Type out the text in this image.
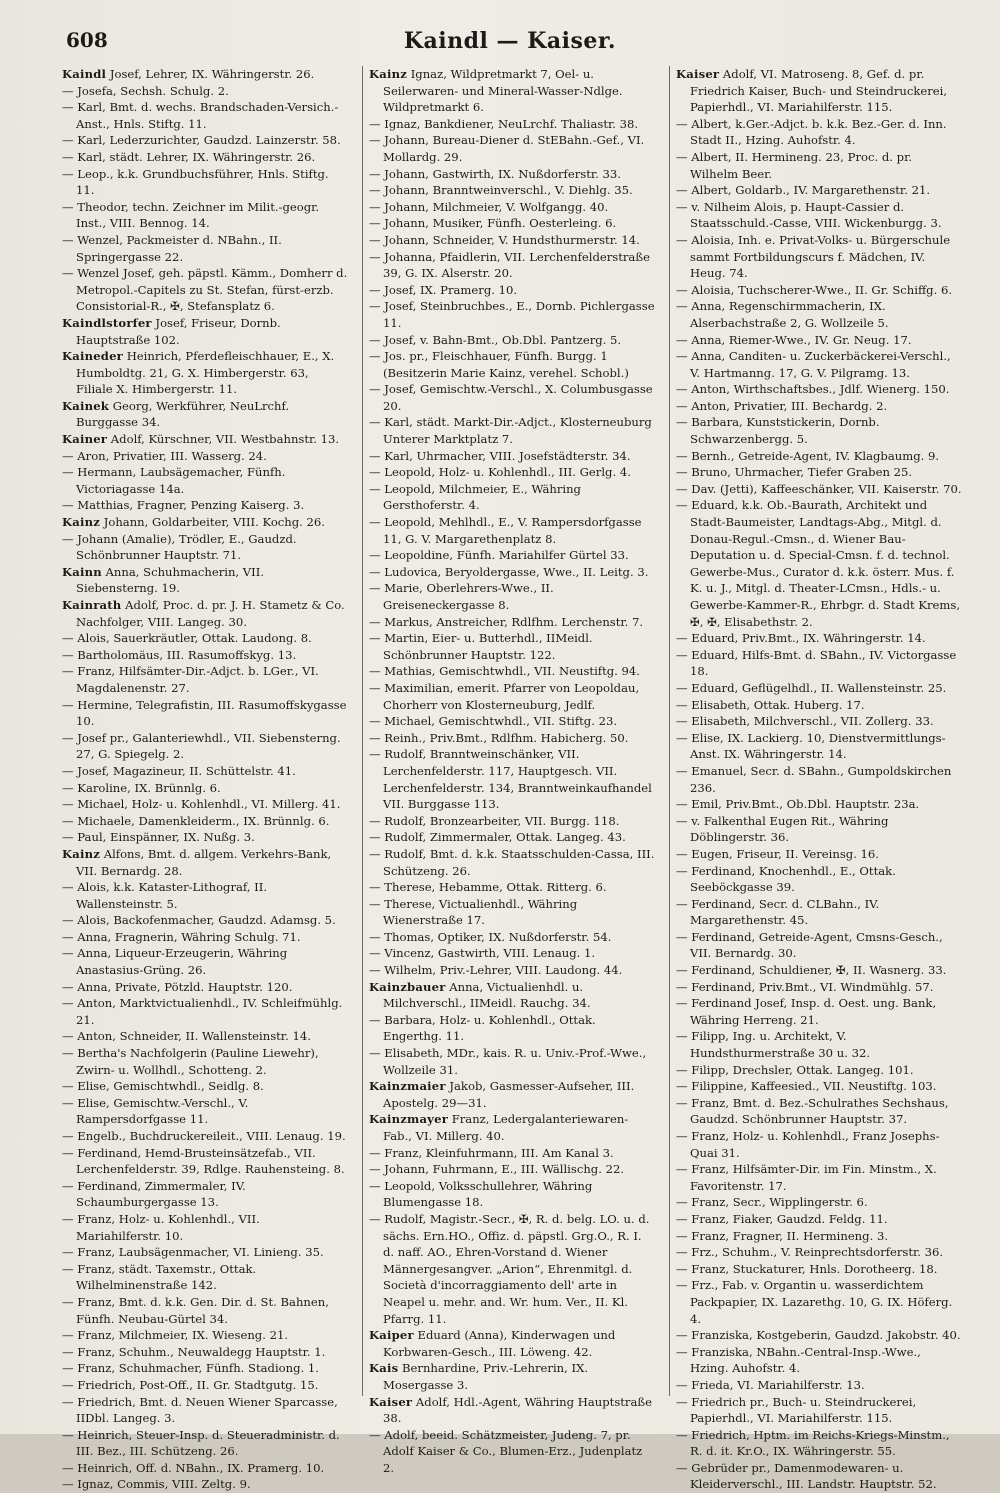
608	Kaindl — Kaiser.

Kaindl Josef, Lehrer, IX. Währingerstr. 26.

— Josefa, Sechsh. Schulg. 2.

— Karl, Bmt. d. wechs. Brandschaden-Versich.-Anst., Hnls. Stiftg. 11.

— Karl, Lederzurichter, Gaudzd. Lainzerstr. 58.

— Karl, städt. Lehrer, IX. Währingerstr. 26.

— Leop., k.k. Grundbuchsführer, Hnls. Stiftg. 11.

— Theodor, techn. Zeichner im Milit.-geogr. Inst., VIII. Bennog. 14.

— Wenzel, Packmeister d. NBahn., II. Springergasse 22.

— Wenzel Josef, geh. päpstl. Kämm., Domherr d. Metropol.-Capitels zu St. Stefan, fürst-erzb. Consistorial-R., ✠, Stefansplatz 6.

Kaindlstorfer Josef, Friseur, Dornb. Hauptstraße 102.

Kaineder Heinrich, Pferdefleischhauer, E., X. Humboldtg. 21, G. X. Himbergerstr. 63, Filiale X. Himbergerstr. 11.

Kainek Georg, Werkführer, NeuLrchf. Burggasse 34.

Kainer Adolf, Kürschner, VII. Westbahnstr. 13.

— Aron, Privatier, III. Wasserg. 24.

— Hermann, Laubsägemacher, Fünfh. Victoriagasse 14a.

— Matthias, Fragner, Penzing Kaiserg. 3.

Kainz Johann, Goldarbeiter, VIII. Kochg. 26.

— Johann (Amalie), Trödler, E., Gaudzd. Schönbrunner Hauptstr. 71.

Kainn Anna, Schuhmacherin, VII. Siebensterng. 19.

Kainrath Adolf, Proc. d. pr. J. H. Stametz & Co. Nachfolger, VIII. Langeg. 30.

— Alois, Sauerkräutler, Ottak. Laudong. 8.

— Bartholomäus, III. Rasumoffskyg. 13.

— Franz, Hilfsämter-Dir.-Adjct. b. LGer., VI. Magdalenenstr. 27.

— Hermine, Telegrafistin, III. Rasumoffskygasse 10.

— Josef pr., Galanteriewhdl., VII. Siebensterng. 27, G. Spiegelg. 2.

— Josef, Magazineur, II. Schüttelstr. 41.

— Karoline, IX. Brünnlg. 6.

— Michael, Holz- u. Kohlenhdl., VI. Millerg. 41.

— Michaele, Damenkleiderm., IX. Brünnlg. 6.

— Paul, Einspänner, IX. Nußg. 3.

Kainz Alfons, Bmt. d. allgem. Verkehrs-Bank, VII. Bernardg. 28.

— Alois, k.k. Kataster-Lithograf, II. Wallensteinstr. 5.

— Alois, Backofenmacher, Gaudzd. Adamsg. 5.

— Anna, Fragnerin, Währing Schulg. 71.

— Anna, Liqueur-Erzeugerin, Währing Anastasius-Grüng. 26.

— Anna, Private, Pötzld. Hauptstr. 120.

— Anton, Marktvictualienhdl., IV. Schleifmühlg. 21.

— Anton, Schneider, II. Wallensteinstr. 14.

— Bertha's Nachfolgerin (Pauline Liewehr), Zwirn- u. Wollhdl., Schotteng. 2.

— Elise, Gemischtwhdl., Seidlg. 8.

— Elise, Gemischtw.-Verschl., V. Rampersdorfgasse 11.

— Engelb., Buchdruckereileit., VIII. Lenaug. 19.

— Ferdinand, Hemd-Brusteinsätzefab., VII. Lerchenfelderstr. 39, Rdlge. Rauhensteing. 8.

— Ferdinand, Zimmermaler, IV. Schaumburgergasse 13.

— Franz, Holz- u. Kohlenhdl., VII. Mariahilferstr. 10.

— Franz, Laubsägenmacher, VI. Linieng. 35.

— Franz, städt. Taxemstr., Ottak. Wilhelminenstraße 142.

— Franz, Bmt. d. k.k. Gen. Dir. d. St. Bahnen, Fünfh. Neubau-Gürtel 34.

— Franz, Milchmeier, IX. Wieseng. 21.

— Franz, Schuhm., Neuwaldegg Hauptstr. 1.

— Franz, Schuhmacher, Fünfh. Stadiong. 1.

— Friedrich, Post-Off., II. Gr. Stadtgutg. 15.

— Friedrich, Bmt. d. Neuen Wiener Sparcasse, IIDbl. Langeg. 3.

— Heinrich, Steuer-Insp. d. Steueradministr. d. III. Bez., III. Schützeng. 26.

— Heinrich, Off. d. NBahn., IX. Pramerg. 10.

— Ignaz, Commis, VIII. Zeltg. 9.

Kainz Ignaz, Wildpretmarkt 7, Oel- u. Seilerwaren- und Mineral-Wasser-Ndlge. Wildpretmarkt 6.

— Ignaz, Bankdiener, NeuLrchf. Thaliastr. 38.

— Johann, Bureau-Diener d. StEBahn.-Gef., VI. Mollardg. 29.

— Johann, Gastwirth, IX. Nußdorferstr. 33.

— Johann, Branntweinverschl., V. Diehlg. 35.

— Johann, Milchmeier, V. Wolfgangg. 40.

— Johann, Musiker, Fünfh. Oesterleing. 6.

— Johann, Schneider, V. Hundsthurmerstr. 14.

— Johanna, Pfaidlerin, VII. Lerchenfelderstraße 39, G. IX. Alserstr. 20.

— Josef, IX. Pramerg. 10.

— Josef, Steinbruchbes., E., Dornb. Pichlergasse 11.

— Josef, v. Bahn-Bmt., Ob.Dbl. Pantzerg. 5.

— Jos. pr., Fleischhauer, Fünfh. Burgg. 1 (Besitzerin Marie Kainz, verehel. Schobl.)

— Josef, Gemischtw.-Verschl., X. Columbusgasse 20.

— Karl, städt. Markt-Dir.-Adjct., Klosterneuburg Unterer Marktplatz 7.

— Karl, Uhrmacher, VIII. Josefstädterstr. 34.

— Leopold, Holz- u. Kohlenhdl., III. Gerlg. 4.

— Leopold, Milchmeier, E., Währing Gersthoferstr. 4.

— Leopold, Mehlhdl., E., V. Rampersdorfgasse 11, G. V. Margarethenplatz 8.

— Leopoldine, Fünfh. Mariahilfer Gürtel 33.

— Ludovica, Beryoldergasse, Wwe., II. Leitg. 3.

— Marie, Oberlehrers-Wwe., II. Greiseneckergasse 8.

— Markus, Anstreicher, Rdlfhm. Lerchenstr. 7.

— Martin, Eier- u. Butterhdl., IIMeidl. Schönbrunner Hauptstr. 122.

— Mathias, Gemischtwhdl., VII. Neustiftg. 94.

— Maximilian, emerit. Pfarrer von Leopoldau, Chorherr von Klosterneuburg, Jedlf.

— Michael, Gemischtwhdl., VII. Stiftg. 23.

— Reinh., Priv.Bmt., Rdlfhm. Habicherg. 50.

— Rudolf, Branntweinschänker, VII. Lerchenfelderstr. 117, Hauptgesch. VII. Lerchenfelderstr. 134, Branntweinkaufhandel VII. Burggasse 113.

— Rudolf, Bronzearbeiter, VII. Burgg. 118.

— Rudolf, Zimmermaler, Ottak. Langeg. 43.

— Rudolf, Bmt. d. k.k. Staatsschulden-Cassa, III. Schützeng. 26.

— Therese, Hebamme, Ottak. Ritterg. 6.

— Therese, Victualienhdl., Währing Wienerstraße 17.

— Thomas, Optiker, IX. Nußdorferstr. 54.

— Vincenz, Gastwirth, VIII. Lenaug. 1.

— Wilhelm, Priv.-Lehrer, VIII. Laudong. 44.

Kainzbauer Anna, Victualienhdl. u. Milchverschl., IIMeidl. Rauchg. 34.

— Barbara, Holz- u. Kohlenhdl., Ottak. Engerthg. 11.

— Elisabeth, MDr., kais. R. u. Univ.-Prof.-Wwe., Wollzeile 31.

Kainzmaier Jakob, Gasmesser-Aufseher, III. Apostelg. 29—31.

Kainzmayer Franz, Ledergalanteriewaren-Fab., VI. Millerg. 40.

— Franz, Kleinfuhrmann, III. Am Kanal 3.

— Johann, Fuhrmann, E., III. Wällischg. 22.

— Leopold, Volksschullehrer, Währing Blumengasse 18.

— Rudolf, Magistr.-Secr., ✠, R. d. belg. LO. u. d. sächs. Ern.HO., Offiz. d. päpstl. Grg.O., R. I. d. naff. AO., Ehren-Vorstand d. Wiener Männergesangver. „Arion“, Ehrenmitgl. d. Società d'incorraggiamento dell' arte in Neapel u. mehr. and. Wr. hum. Ver., II. Kl. Pfarrg. 11.

Kaiper Eduard (Anna), Kinderwagen und Korbwaren-Gesch., III. Löweng. 42.

Kais Bernhardine, Priv.-Lehrerin, IX. Mosergasse 3.

Kaiser Adolf, Hdl.-Agent, Währing Hauptstraße 38.

— Adolf, beeid. Schätzmeister, Judeng. 7, pr. Adolf Kaiser & Co., Blumen-Erz., Judenplatz 2.

Kaiser Adolf, VI. Matroseng. 8, Gef. d. pr. Friedrich Kaiser, Buch- und Steindruckerei, Papierhdl., VI. Mariahilferstr. 115.

— Albert, k.Ger.-Adjct. b. k.k. Bez.-Ger. d. Inn. Stadt II., Hzing. Auhofstr. 4.

— Albert, II. Hermineng. 23, Proc. d. pr. Wilhelm Beer.

— Albert, Goldarb., IV. Margarethenstr. 21.

— v. Nilheim Alois, p. Haupt-Cassier d. Staatsschuld.-Casse, VIII. Wickenburgg. 3.

— Aloisia, Inh. e. Privat-Volks- u. Bürgerschule sammt Fortbildungscurs f. Mädchen, IV. Heug. 74.

— Aloisia, Tuchscherer-Wwe., II. Gr. Schiffg. 6.

— Anna, Regenschirmmacherin, IX. Alserbachstraße 2, G. Wollzeile 5.

— Anna, Riemer-Wwe., IV. Gr. Neug. 17.

— Anna, Canditen- u. Zuckerbäckerei-Verschl., V. Hartmanng. 17, G. V. Pilgramg. 13.

— Anton, Wirthschaftsbes., Jdlf. Wienerg. 150.

— Anton, Privatier, III. Bechardg. 2.

— Barbara, Kunststickerin, Dornb. Schwarzenbergg. 5.

— Bernh., Getreide-Agent, IV. Klagbaumg. 9.

— Bruno, Uhrmacher, Tiefer Graben 25.

— Dav. (Jetti), Kaffeeschänker, VII. Kaiserstr. 70.

— Eduard, k.k. Ob.-Baurath, Architekt und Stadt-Baumeister, Landtags-Abg., Mitgl. d. Donau-Regul.-Cmsn., d. Wiener Bau-Deputation u. d. Special-Cmsn. f. d. technol. Gewerbe-Mus., Curator d. k.k. österr. Mus. f. K. u. J., Mitgl. d. Theater-LCmsn., Hdls.- u. Gewerbe-Kammer-R., Ehrbgr. d. Stadt Krems, ✠, ✠, Elisabethstr. 2.

— Eduard, Priv.Bmt., IX. Währingerstr. 14.

— Eduard, Hilfs-Bmt. d. SBahn., IV. Victorgasse 18.

— Eduard, Geflügelhdl., II. Wallensteinstr. 25.

— Elisabeth, Ottak. Huberg. 17.

— Elisabeth, Milchverschl., VII. Zollerg. 33.

— Elise, IX. Lackierg. 10, Dienstvermittlungs-Anst. IX. Währingerstr. 14.

— Emanuel, Secr. d. SBahn., Gumpoldskirchen 236.

— Emil, Priv.Bmt., Ob.Dbl. Hauptstr. 23a.

— v. Falkenthal Eugen Rit., Währing Döblingerstr. 36.

— Eugen, Friseur, II. Vereinsg. 16.

— Ferdinand, Knochenhdl., E., Ottak. Seeböckgasse 39.

— Ferdinand, Secr. d. CLBahn., IV. Margarethenstr. 45.

— Ferdinand, Getreide-Agent, Cmsns-Gesch., VII. Bernardg. 30.

— Ferdinand, Schuldiener, ✠, II. Wasnerg. 33.

— Ferdinand, Priv.Bmt., VI. Windmühlg. 57.

— Ferdinand Josef, Insp. d. Oest. ung. Bank, Währing Herreng. 21.

— Filipp, Ing. u. Architekt, V. Hundsthurmerstraße 30 u. 32.

— Filipp, Drechsler, Ottak. Langeg. 101.

— Filippine, Kaffeesied., VII. Neustiftg. 103.

— Franz, Bmt. d. Bez.-Schulrathes Sechshaus, Gaudzd. Schönbrunner Hauptstr. 37.

— Franz, Holz- u. Kohlenhdl., Franz Josephs-Quai 31.

— Franz, Hilfsämter-Dir. im Fin. Minstm., X. Favoritenstr. 17.

— Franz, Secr., Wipplingerstr. 6.

— Franz, Fiaker, Gaudzd. Feldg. 11.

— Franz, Fragner, II. Hermineng. 3.

— Frz., Schuhm., V. Reinprechtsdorferstr. 36.

— Franz, Stuckaturer, Hnls. Dorotheerg. 18.

— Frz., Fab. v. Organtin u. wasserdichtem Packpapier, IX. Lazarethg. 10, G. IX. Höferg. 4.

— Franziska, Kostgeberin, Gaudzd. Jakobstr. 40.

— Franziska, NBahn.-Central-Insp.-Wwe., Hzing. Auhofstr. 4.

— Frieda, VI. Mariahilferstr. 13.

— Friedrich pr., Buch- u. Steindruckerei, Papierhdl., VI. Mariahilferstr. 115.

— Friedrich, Hptm. im Reichs-Kriegs-Minstm., R. d. it. Kr.O., IX. Währingerstr. 55.

— Gebrüder pr., Damenmodewaren- u. Kleiderverschl., III. Landstr. Hauptstr. 52.
